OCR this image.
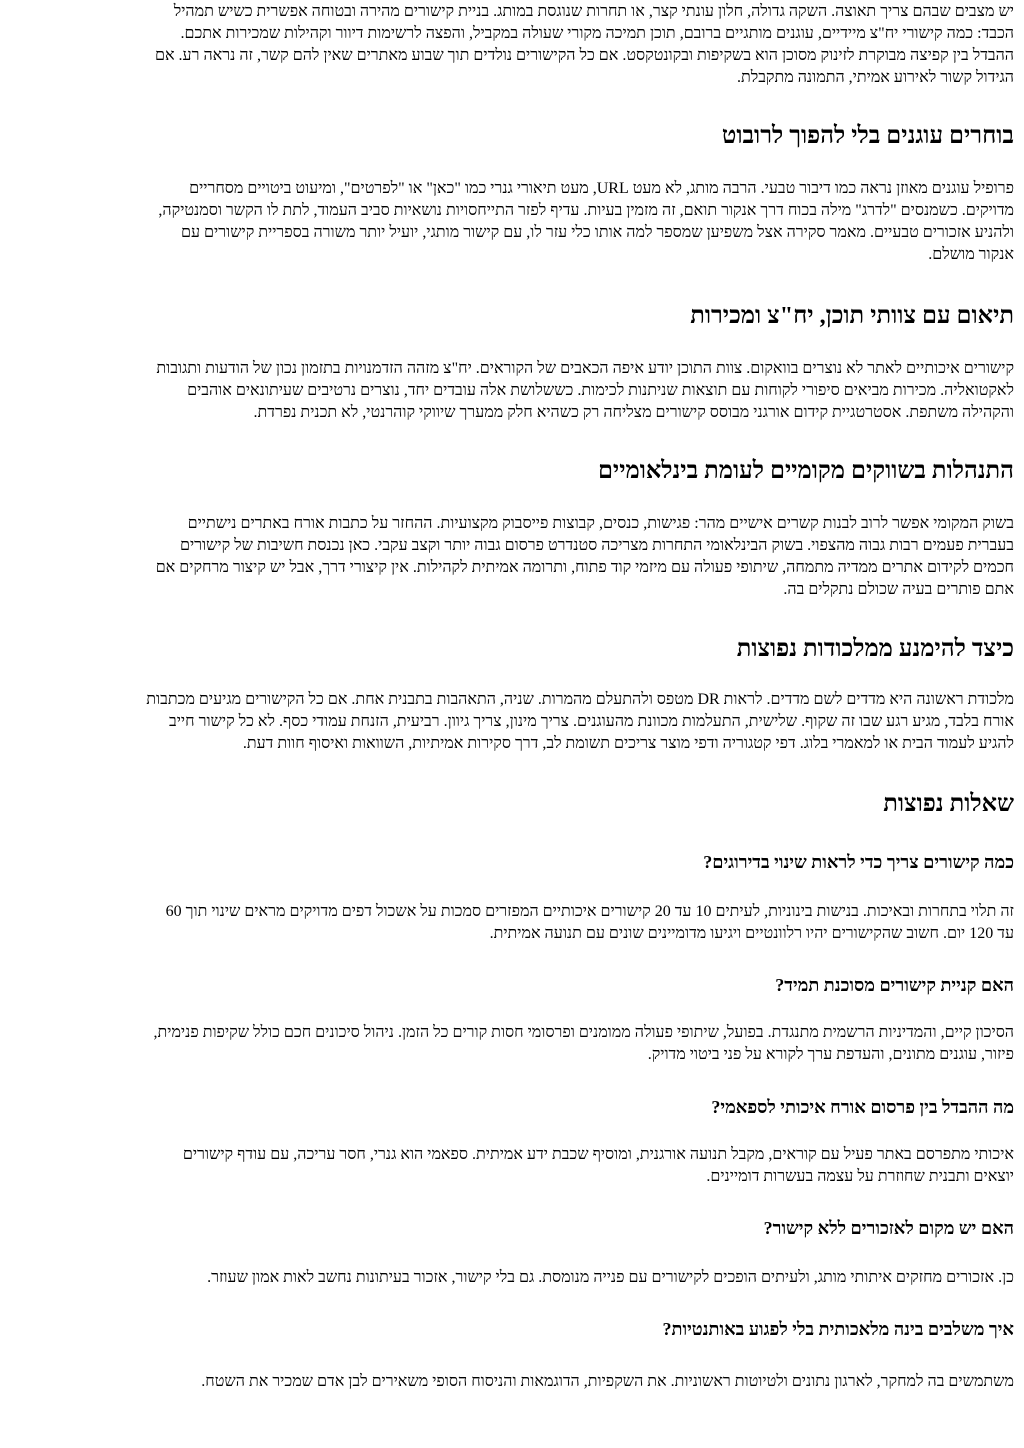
יש מצבים שבהם צריך תאוצה. השקה גדולה, חלון עונתי קצר, או תחרות שנוגסת במותג. בניית קישורים מהירה ובטוחה אפשרית כשיש תמהיל
הכבד: כמה קישורי יח"צ מיידיים, עוגנים מותגיים ברובם, תוכן תמיכה מקורי שעולה במקביל, והפצה לרשימות דיוור וקהילות שמכירות אתכם.
ההבדל בין קפיצה מבוקרת לזינוק מסוכן הוא בשקיפות ובקונטקסט. אם כל הקישורים נולדים תוך שבוע מאתרים שאין להם קשר, זה נראה רע. אם
הגידול קשור לאירוע אמיתי, התמונה מתקבלת.

בוחרים עוגנים בלי להפוך לרובוט

פרופיל עוגנים מאוזן נראה כמו דיבור טבעי. הרבה מותג, לא מעט URL, מעט תיאורי גנרי כמו "כאן" או "לפרטים", ומיעוט ביטויים מסחריים
מדויקים. כשמנסים "לדרג" מילה בכוח דרך אנקור תואם, זה מזמין בעיות. עדיף לפזר התייחסויות נושאיות סביב העמוד, לתת לו הקשר וסמנטיקה,
ולהניע אזכורים טבעיים. מאמר סקירה אצל משפיען שמספר למה אותו כלי עזר לו, עם קישור מותגי, יועיל יותר משורה בספריית קישורים עם
אנקור מושלם.

תיאום עם צוותי תוכן, יח"צ ומכירות

קישורים איכותיים לאתר לא נוצרים בוואקום. צוות התוכן יודע איפה הכאבים של הקוראים. יח"צ מזהה הזדמנויות בתזמון נכון של הודעות ותגובות
לאקטואליה. מכירות מביאים סיפורי לקוחות עם תוצאות שניתנות לכימות. כששלושת אלה עובדים יחד, נוצרים נרטיבים שעיתונאים אוהבים
והקהילה משתפת. אסטרטגיית קידום אורגני מבוסס קישורים מצליחה רק כשהיא חלק ממערך שיווקי קוהרנטי, לא תכנית נפרדת.

התנהלות בשווקים מקומיים לעומת בינלאומיים

בשוק המקומי אפשר לרוב לבנות קשרים אישיים מהר: פגישות, כנסים, קבוצות פייסבוק מקצועיות. ההחזר על כתבות אורח באתרים נישתיים
בעברית פעמים רבות גבוה מהצפוי. בשוק הבינלאומי התחרות מצריכה סטנדרט פרסום גבוה יותר וקצב עקבי. כאן נכנסת חשיבות של קישורים
חכמים לקידום אתרים ממדיה מתמחה, שיתופי פעולה עם מיזמי קוד פתוח, ותרומה אמיתית לקהילות. אין קיצורי דרך, אבל יש קיצור מרחקים אם
אתם פותרים בעיה שכולם נתקלים בה.

כיצד להימנע ממלכודות נפוצות

מלכודת ראשונה היא מדדים לשם מדדים. לראות DR מטפס ולהתעלם מהמרות. שניה, התאהבות בתבנית אחת. אם כל הקישורים מגיעים מכתבות
אורח בלבד, מגיע רגע שבו זה שקוף. שלישית, התעלמות מכוונת מהעוגנים. צריך מינון, צריך גיוון. רביעית, הזנחת עמודי כסף. לא כל קישור חייב
להגיע לעמוד הבית או למאמרי בלוג. דפי קטגוריה ודפי מוצר צריכים תשומת לב, דרך סקירות אמיתיות, השוואות ואיסוף חוות דעת.

שאלות נפוצות
כמה קישורים צריך כדי לראות שינוי בדירוגים?

זה תלוי בתחרות ובאיכות. בנישות בינוניות, לעיתים 10 עד 20 קישורים איכותיים המפזרים סמכות על אשכול דפים מדויקים מראים שינוי תוך 60
עד 120 יום. חשוב שהקישורים יהיו רלוונטיים ויגיעו מדומיינים שונים עם תנועה אמיתית.

האם קניית קישורים מסוכנת תמיד?

הסיכון קיים, והמדיניות הרשמית מתנגדת. בפועל, שיתופי פעולה ממומנים ופרסומי חסות קורים כל הזמן. ניהול סיכונים חכם כולל שקיפות פנימית,
פיזור, עוגנים מתונים, והעדפת ערך לקורא על פני ביטוי מדויק.

מה ההבדל בין פרסום אורח איכותי לספאמי?

איכותי מתפרסם באתר פעיל עם קוראים, מקבל תנועה אורגנית, ומוסיף שכבת ידע אמיתית. ספאמי הוא גנרי, חסר עריכה, עם עודף קישורים
יוצאים ותבנית שחוזרת על עצמה בעשרות דומיינים.

האם יש מקום לאזכורים ללא קישור?

כן. אזכורים מחזקים איתותי מותג, ולעיתים הופכים לקישורים עם פנייה מנומסת. גם בלי קישור, אזכור בעיתונות נחשב לאות אמון שעוזר.

איך משלבים בינה מלאכותית בלי לפגוע באותנטיות?

משתמשים בה למחקר, לארגון נתונים ולטיוטות ראשוניות. את השקפיות, הדוגמאות והניסוח הסופי משאירים לבן אדם שמכיר את השטח.
